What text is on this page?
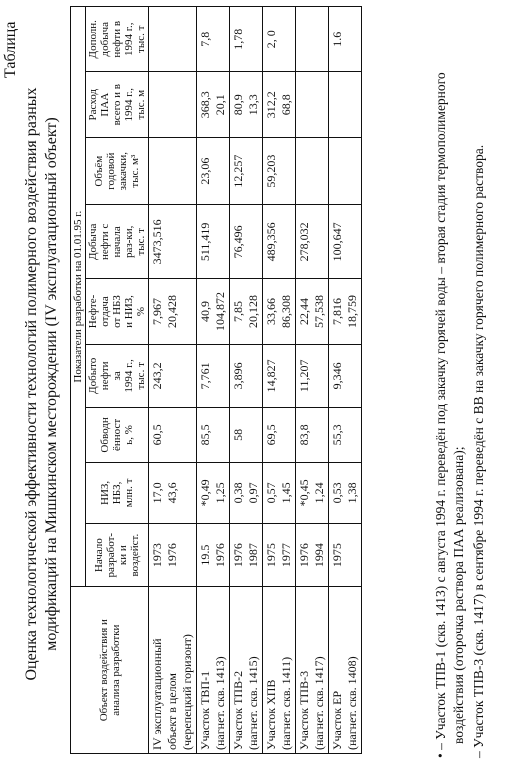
Таблица
Оценка технологической эффективности технологий полимерного воздействия разных модификаций на Мишкинском месторождении (IV эксплуатационный объект)
Объект воздействия и анализа разработки	Показатели разработки на 01.01.95 г.								

	Начало разработ- ки и воздейст.	НИЗ, НБЗ, млн. т	Обводн ённост ь, %	Добыто нефти за 1994 г., тыс. т	Нефте- отдача от НБЗ и НИЗ, %	Добыча нефти с начала раз-ки, тыс. т	Объём годовой закачки, тыс. м³	Расход ПАА всего и в 1994 г., тыс. м	Дополн. добыча нефти в 1994 г., тыс. т

IV эксплуатационный объект в целом (черепецкий горизонт)	1973 1976	17,0 43,6	60,5	243,2	7,967 20,428	3473,516			

Участок ТВП-1 (нагнет. скв. 1413)	19.5 1976	*0,49 1,25	85,5	7,761	40,9 104,872	511,419	23,06	368,3 20,1	7,8

Участок ТПВ-2 (нагнет. скв. 1415)	1976 1987	0,38 0,97	58	3,896	7,85 20,128	76,496	12,257	80,9 13,3	1,78

Участок ХПВ (нагнет. скв. 1411)	1975 1977	0,57 1,45	69,5	14,827	33,66 86,308	489,356	59,203	312,2 68,8	2, 0

Участок ТПВ-3 (нагнет. скв. 1417)	1976 1994	*0,45 1,24	83,8	11,207	22,44 57,538	278,032			

Участок ЕР (нагнет. скв. 1408)	1975	0,53 1,38	55,3	9,346	7,816 18,759	100,647			1.6

• – Участок ТПВ-1 (скв. 1413) с августа 1994 г. переведён под закачку горячей воды – вторая стадия термополимерного воздействия (оторочка раствора ПАА реализована); – Участок ТПВ-3 (скв. 1417) в сентябре 1994 г. переведён с ВВ на закачку горячего полимерного раствора.
